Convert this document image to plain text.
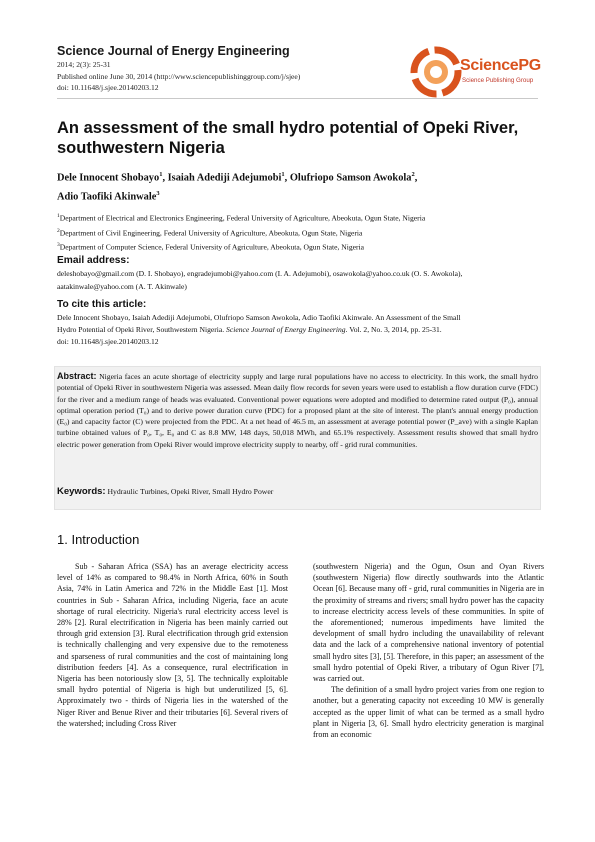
Science Journal of Energy Engineering
2014; 2(3): 25-31
Published online June 30, 2014 (http://www.sciencepublishinggroup.com/j/sjee)
doi: 10.11648/j.sjee.20140203.12
SciencePG
Science Publishing Group
An assessment of the small hydro potential of Opeki River, southwestern Nigeria
Dele Innocent Shobayo$^1$, Isaiah Adediji Adejumobi$^1$, Olufriopo Samson Awokola$^2$,
Adio Taofiki Akinwale$^3$
$^1$Department of Electrical and Electronics Engineering, Federal University of Agriculture, Abeokuta, Ogun State, Nigeria
$^2$Department of Civil Engineering, Federal University of Agriculture, Abeokuta, Ogun State, Nigeria
$^3$Department of Computer Science, Federal University of Agriculture, Abeokuta, Ogun State, Nigeria
Email address:
deleshobayo@gmail.com (D. I. Shobayo), engradejumobi@yahoo.com (I. A. Adejumobi), osawokola@yahoo.co.uk (O. S. Awokola),
aatakinwale@yahoo.com (A. T. Akinwale)
To cite this article:
Dele Innocent Shobayo, Isaiah Adediji Adejumobi, Olufriopo Samson Awokola, Adio Taofiki Akinwale. An Assessment of the Small
Hydro Potential of Opeki River, Southwestern Nigeria. Science Journal of Energy Engineering. Vol. 2, No. 3, 2014, pp. 25-31.
doi: 10.11648/j.sjee.20140203.12
Abstract: Nigeria faces an acute shortage of electricity supply and large rural populations have no access to electricity. In this work, the small hydro potential of Opeki River in southwestern Nigeria was assessed. Mean daily flow records for seven years were used to establish a flow duration curve (FDC) for the river and a medium range of heads was evaluated. Conventional power equations were adopted and modified to determine rated output (P₀), annual optimal operation period (T₀) and to derive power duration curve (PDC) for a proposed plant at the site of interest. The plant's annual energy production (E₀) and capacity factor (C) were projected from the PDC. At a net head of 46.5 m, an assessment at average potential power (P_ave) with a single Kaplan turbine obtained values of P₀, T₀, E₀ and C as 8.8 MW, 148 days, 50,018 MWh, and 65.1% respectively. Assessment results showed that small hydro electric power generation from Opeki River would improve electricity supply to nearby, off - grid rural communities.
Keywords: Hydraulic Turbines, Opeki River, Small Hydro Power
1. Introduction

Sub - Saharan Africa (SSA) has an average electricity access level of 14% as compared to 98.4% in North Africa, 60% in South Asia, 74% in Latin America and 72% in the Middle East [1]. Most countries in Sub - Saharan Africa, including Nigeria, face an acute shortage of rural electricity. Nigeria's rural electricity access level is 28% [2]. Rural electrification in Nigeria has been mainly carried out through grid extension [3]. Rural electrification through grid extension is technically challenging and very expensive due to the remoteness and sparseness of rural communities and the cost of maintaining long distribution feeders [4]. As a consequence, rural electrification in Nigeria has been notoriously slow [3, 5]. The technically exploitable small hydro potential of Nigeria is high but underutilized [5, 6]. Approximately two - thirds of Nigeria lies in the watershed of the Niger River and Benue River and their tributaries [6]. Several rivers of the watershed; including Cross River

(southwestern Nigeria) and the Ogun, Osun and Oyan Rivers (southwestern Nigeria) flow directly southwards into the Atlantic Ocean [6]. Because many off - grid, rural communities in Nigeria are in the proximity of streams and rivers; small hydro power has the capacity to increase electricity access levels of these communities. In spite of the aforementioned; numerous impediments have limited the development of small hydro including the unavailability of relevant data and the lack of a comprehensive national inventory of potential small hydro sites [3], [5]. Therefore, in this paper; an assessment of the small hydro potential of Opeki River, a tributary of Ogun River [7], was carried out.

The definition of a small hydro project varies from one region to another, but a generating capacity not exceeding 10 MW is generally accepted as the upper limit of what can be termed as a small hydro plant in Nigeria [3, 6]. Small hydro electricity generation is marginal from an economic
